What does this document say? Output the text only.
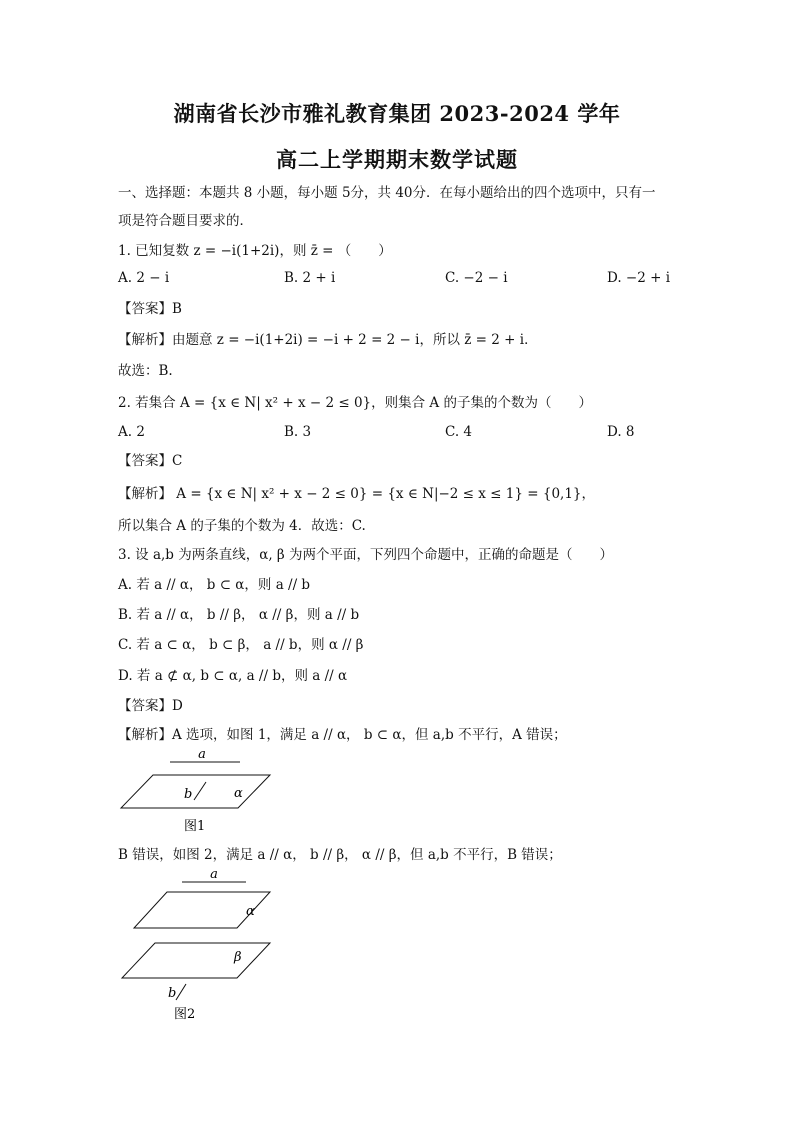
湖南省长沙市雅礼教育集团 2023-2024 学年
高二上学期期末数学试题
一、选择题：本题共 8 小题，每小题 5分，共 40分．在每小题给出的四个选项中，只有一
项是符合题目要求的．
1. 已知复数 z = −i(1+2i)，则 z̄ = （　　）
A. 2 − i	B. 2 + i	C. −2 − i	D. −2 + i
【答案】B
【解析】由题意 z = −i(1+2i) = −i + 2 = 2 − i，所以 z̄ = 2 + i．
故选：B.
2. 若集合 A = {x ∈ N| x² + x − 2 ≤ 0}，则集合 A 的子集的个数为（　　）
A. 2	B. 3	C. 4	D. 8
【答案】C
【解析】 A = {x ∈ N| x² + x − 2 ≤ 0} = {x ∈ N|−2 ≤ x ≤ 1} = {0,1}，
所以集合 A 的子集的个数为 4．故选：C.
3. 设 a,b 为两条直线，α, β 为两个平面，下列四个命题中，正确的命题是（　　）
A. 若 a // α， b ⊂ α，则 a // b
B. 若 a // α， b // β， α // β，则 a // b
C. 若 a ⊂ α， b ⊂ β， a // b，则 α // β
D. 若 a ⊄ α, b ⊂ α, a // b，则 a // α
【答案】D
【解析】A 选项，如图 1，满足 a // α， b ⊂ α，但 a,b 不平行，A 错误；
a
b	α
图1
B 错误，如图 2，满足 a // α， b // β， α // β，但 a,b 不平行，B 错误；
a
α
β
b
图2
